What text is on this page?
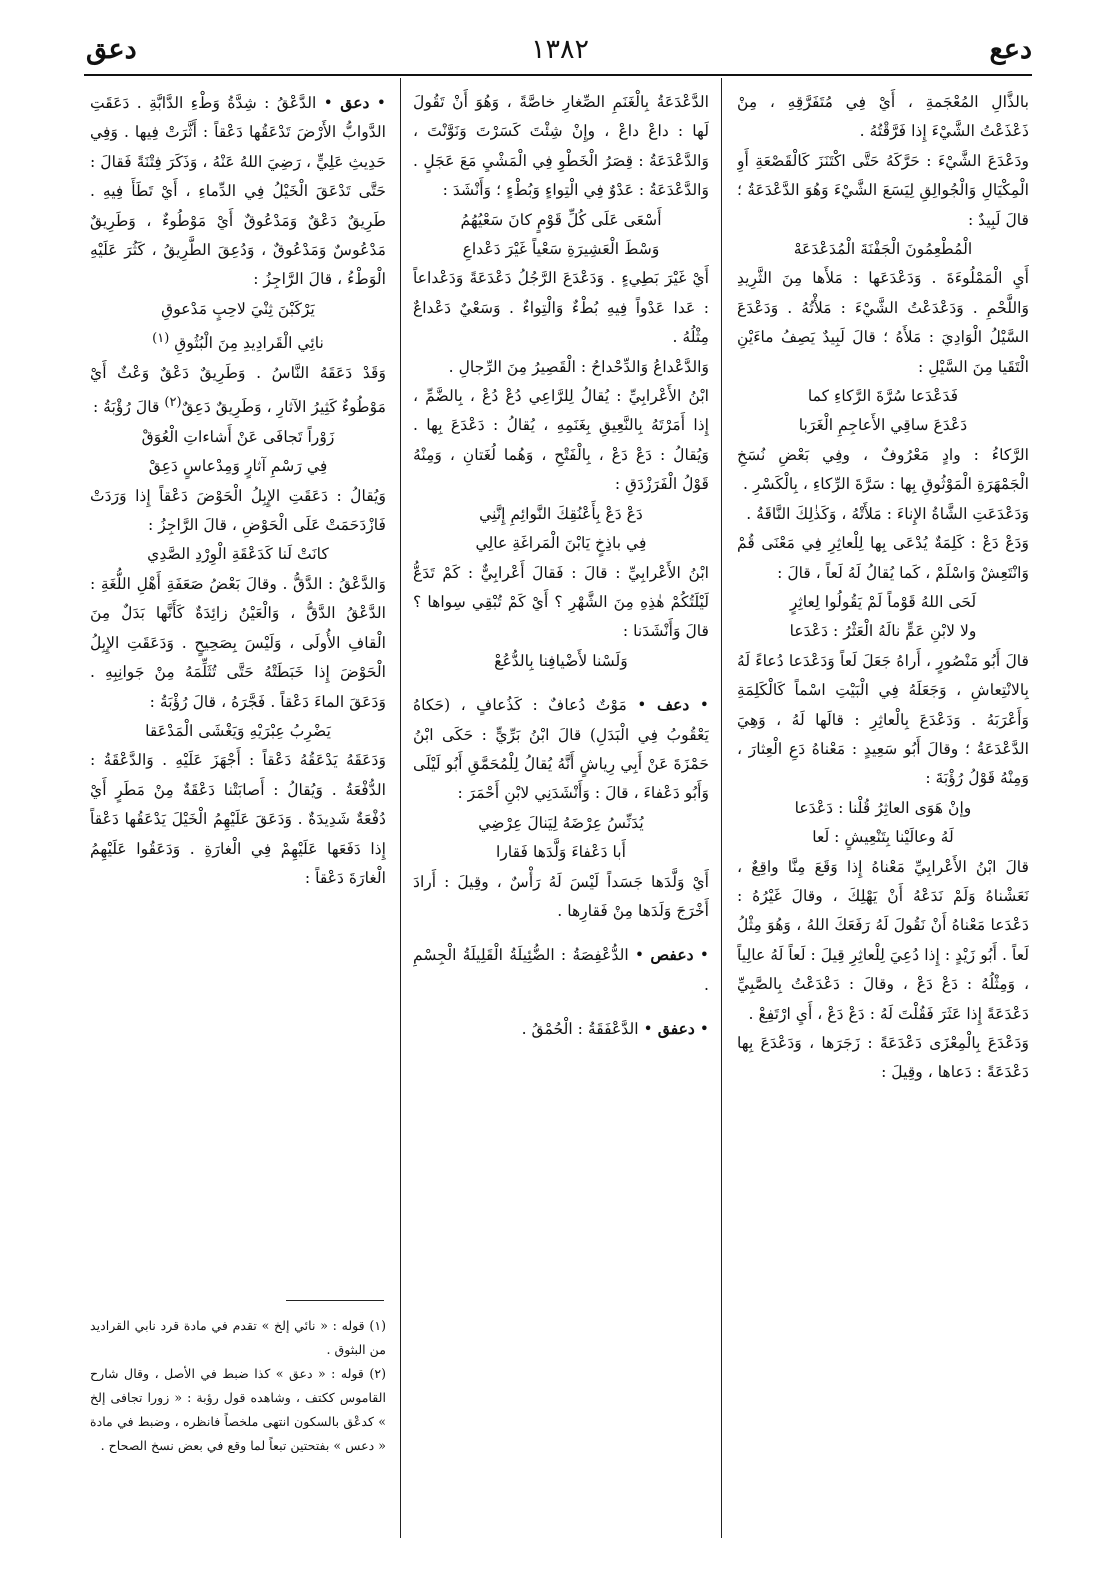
دعع
١٣٨٢
دعق

بالذَّالِ المُعْجَمةِ ، أَيْ فِي مُتَفَرَّقِهِ ، مِنْ ذَعْذَعْتُ الشَّيْءَ إِذا فَرَّقْتُهُ .

ودَعْدَعَ الشَّيْءَ : حَرَّكَهُ حَتَّى اكْتَنَزَ كَالْقَصْعَةِ أَوِ الْمِكْيَالِ وَالْجُوالِقِ لِيَسَعَ الشَّيْءَ وَهُوَ الدَّعْدَعَةُ ؛ قالَ لَبِيدٌ :

الْمُطْعِمُونَ الْجَفْنَةَ الْمُدَعْدَعَهْ

أَيِ الْمَمْلُوءَةَ . وَدَعْدَعَها : مَلأَها مِنَ الثَّرِيدِ وَاللَّحْمِ . وَدَعْدَعْتُ الشَّيْءَ : مَلأْتُهُ . وَدَعْدَعَ السَّيْلُ الْوَادِيَ : مَلأَهُ ؛ قالَ لَبِيدٌ يَصِفُ ماءَيْنِ الْتَقَيا مِنَ السَّيْلِ :

فَدَعْدَعا سُرَّةَ الرَّكاءِ كما

دَعْدَعَ ساقِي الأَعاجِمِ الْغَرَبا

الرَّكاءُ : وادٍ مَعْرُوفٌ ، وفِي بَعْضِ نُسَخِ الْجَمْهَرَةِ الْمَوْثُوقِ بِها : سَرَّةَ الرِّكاءِ ، بِالْكَسْرِ .

وَدَعْدَعَتِ الشَّاةُ الإِناءَ : مَلأَتْهُ ، وَكَذٰلِكَ النَّاقَةُ .

وَدَعْ دَعْ : كَلِمَةٌ يُدْعَى بِها لِلْعاثِرِ فِي مَعْنَى قُمْ وَانْتَعِشْ وَاسْلَمْ ، كَما يُقالُ لَهُ لَعاً ، قالَ :

لَحَى اللهُ قَوْماً لَمْ يَقُولُوا لِعاثِرٍ

ولا لابْنِ عَمٍّ نالَهُ الْعَثْرُ : دَعْدَعا

قالَ أَبُو مَنْصُورٍ ، أَراهُ جَعَلَ لَعاً وَدَعْدَعا دُعاءً لَهُ بِالانْتِعاشِ ، وَجَعَلَهُ فِي الْبَيْتِ اسْماً كَالْكَلِمَةِ وَأَعْرَبَهُ . وَدَعْدَعَ بِالْعاثِرِ : قالَها لَهُ ، وَهِيَ الدَّعْدَعَةُ ؛ وقالَ أَبُو سَعِيدٍ : مَعْناهُ دَعِ الْعِثارَ ، وَمِنْهُ قَوْلُ رُؤْبَةَ :

وإنْ هَوَى العاثِرُ قُلْنا : دَعْدَعا

لَهُ وعالَيْنا بِتَنْعِيشٍ : لَعا

قالَ ابْنُ الأَعْرابِيِّ مَعْناهُ إِذا وَقَعَ مِنَّا واقِعٌ ، نَعَشْناهُ وَلَمْ نَدَعْهُ أَنْ يَهْلِكَ ، وقالَ غَيْرُهُ : دَعْدَعا مَعْناهُ أَنْ نَقُولَ لَهُ رَفَعَكَ اللهُ ، وَهُوَ مِثْلُ لَعاً . أَبُو زَيْدٍ : إِذا دُعِيَ لِلْعاثِرِ قِيلَ : لَعاً لَهُ عالِياً ، وَمِثْلُهُ : دَعْ دَعْ ، وقالَ : دَعْدَعْتُ بِالصَّبِيِّ دَعْدَعَةً إِذا عَثَرَ فَقُلْتَ لَهُ : دَعْ دَعْ ، أَيِ ارْتَفِعْ .

وَدَعْدَعَ بِالْمِعْزَى دَعْدَعَةً : زَجَرَها ، وَدَعْدَعَ بِها دَعْدَعَةً : دَعاها ، وقِيلَ :

الدَّعْدَعَةُ بِالْغَنَمِ الصِّغارِ خاصَّةً ، وَهُوَ أَنْ تَقُولَ لَها : داعْ داعْ ، وإِنْ شِئْتَ كَسَرْتَ وَنَوَّنْتَ ، وَالدَّعْدَعَةُ : قِصَرُ الْخَطْوِ فِي الْمَشْيِ مَعَ عَجَلٍ . وَالدَّعْدَعَةُ : عَدْوٌ فِي الْتِواءٍ وَبُطْءٍ ؛ وَأَنْشَدَ :

أَسْعَى عَلَى كُلِّ قَوْمٍ كانَ سَعْيُهُمُ

وَسْطَ الْعَشِيرَةِ سَعْياً غَيْرَ دَعْداعِ

أَيْ غَيْرَ بَطِيءٍ . وَدَعْدَعَ الرَّجُلُ دَعْدَعَةً وَدَعْداعاً : عَدا عَدْواً فِيهِ بُطْءٌ وَالْتِواءٌ . وَسَعْيٌ دَعْداعٌ مِثْلُهُ .

وَالدَّعْداعُ وَالدِّحْداحُ : الْقَصِيرُ مِنَ الرِّجالِ .

ابْنُ الأَعْرابِيِّ : يُقالُ لِلرَّاعِي دُعْ دُعْ ، بِالضَّمِّ ، إِذا أَمَرْتَهُ بِالنَّعِيقِ بِغَنَمِهِ ، يُقالُ : دَعْدَعَ بِها . وَيُقالُ : دَعْ دَعْ ، بِالْفَتْحِ ، وَهُما لُغَتانِ ، وَمِنْهُ قَوْلُ الْفَرَزْدَقِ :

دَعْ دَعْ بِأَعْنُقِكَ النَّوائِمِ إِنَّنِي

فِي باذِخٍ يَابْنَ الْمَراغَةِ عالِي

ابْنُ الأَعْرابِيِّ : قالَ : فَقالَ أَعْرابِيٌّ : كَمْ تَدَعُّ لَيْلَتُكُمْ هٰذِهِ مِنَ الشَّهْرِ ؟ أَيْ كَمْ تُبْقِي سِواها ؟ قالَ وَأَنْشَدَنا :

وَلَسْنا لأَضْيافِنا بِالدُّعُعْ

• دعف • مَوْتٌ دُعافٌ : كَذُعافٍ ، (حَكاهُ يَعْقُوبُ فِي الْبَدَلِ) قالَ ابْنُ بَرِّيٍّ : حَكَى ابْنُ حَمْزَةَ عَنْ أَبِي رِياشٍ أَنَّهُ يُقالُ لِلْمُحَمَّقِ أَبُو لَيْلَى وَأَبُو دَعْفاءَ ، قالَ : وَأَنْشَدَنِي لابْنِ أَحْمَرَ :

يُدَنِّسُ عِرْضَهُ لِيَنالَ عِرْضِي

أَبا دَعْفاءَ وَلَّدَها فَقارا

أَيْ وَلَّدَها جَسَداً لَيْسَ لَهُ رَأْسٌ ، وقِيلَ : أَرادَ أَخْرَجَ وَلَدَها مِنْ فَقارِها .

• دعفص • الدُّعْفِصَةُ : الضُّئِيلَةُ الْقَلِيلَةُ الْجِسْمِ .

• دعفق • الدَّعْفَقَةُ : الْحُمْقُ .

• دعق • الدَّعْقُ : شِدَّةُ وَطْءِ الدَّابَّةِ . دَعَقَتِ الدَّوابُّ الأَرْضَ تَدْعَقُها دَعْقاً : أَثَّرَتْ فِيها . وَفِي حَدِيثِ عَلِيٍّ ، رَضِيَ اللهُ عَنْهُ ، وَذَكَرَ فِتْنَةً فَقالَ : حَتَّى تَدْعَقَ الْخَيْلُ فِي الدِّماءِ ، أَيْ تَطَأَ فِيهِ . طَرِيقٌ دَعْقٌ وَمَدْعُوقٌ أَيْ مَوْطُوءٌ ، وَطَرِيقٌ مَدْعُوسٌ وَمَدْعُوقٌ ، وَدُعِقَ الطَّرِيقُ ، كَثُرَ عَلَيْهِ الْوَطْءُ ، قالَ الرَّاجِزُ :

يَرْكَبْنَ ثِنْيَ لاحِبٍ مَدْعوقِ

نائِي الْقَرادِيدِ مِنَ الْبُثُوقِ $^{(١)}$

وَقَدْ دَعَقَهُ النَّاسُ . وَطَرِيقٌ دَعْقٌ وَعْثٌ أَيْ مَوْطُوءٌ كَثِيرُ الآثارِ ، وَطَرِيقٌ دَعِقٌ$^{(٢)}$ قالَ رُؤْبَةُ :

زَوْراً تَجافَى عَنْ أَشاءاتِ الْعُوَقْ

فِي رَسْمِ آثارٍ وَمِدْعاسٍ دَعِقْ

وَيُقالُ : دَعَقَتِ الإِبِلُ الْحَوْضَ دَعْقاً إِذا وَرَدَتْ فَازْدَحَمَتْ عَلَى الْحَوْضِ ، قالَ الرَّاجِزُ :

كانَتْ لَنا كَدَعْقَةِ الْوِرْدِ الصَّدِي

وَالدَّعْقُ : الدَّقُّ . وقالَ بَعْضُ صَعَفَةِ أَهْلِ اللُّغَةِ : الدَّعْقُ الدَّقُّ ، وَالْعَيْنُ زائِدَةٌ كَأَنَّها بَدَلٌ مِنَ الْقافِ الأُولَى ، وَلَيْسَ بِصَحِيحٍ . وَدَعَقَتِ الإِبِلُ الْحَوْضَ إِذا خَبَطَتْهُ حَتَّى تُثَلِّمَهُ مِنْ جَوانِبِهِ . وَدَعَقَ الماءَ دَعْقاً . فَجَّرَهُ ، قالَ رُؤْبَةُ :

يَضْرِبُ عِبْرَيْهِ وَيَغْشَى الْمَدْعَقا

وَدَعَقَهُ يَدْعَقُهُ دَعْقاً : أَجْهَزَ عَلَيْهِ . وَالدَّعْقَةُ : الدُّفْعَةُ . وَيُقالُ : أَصابَتْنا دَعْقَةٌ مِنْ مَطَرٍ أَيْ دُفْعَةٌ شَدِيدَةٌ . وَدَعَقَ عَلَيْهِمُ الْخَيْلَ يَدْعَقُها دَعْقاً إِذا دَفَعَها عَلَيْهِمْ فِي الْغارَةِ . وَدَعَقُوا عَلَيْهِمُ الْغارَةَ دَعْقاً :

(١) قوله : « نائي إلخ » تقدم في مادة قرد نابي القراديد من البثوق .

(٢) قوله : « دعق » كذا ضبط في الأصل ، وقال شارح القاموس ككتف ، وشاهده قول رؤبة : « زورا تجافى إلخ » كدعْق بالسكون انتهى ملخصاً فانظره ، وضبط في مادة « دعس » بفتحتين تبعاً لما وقع في بعض نسخ الصحاح .
